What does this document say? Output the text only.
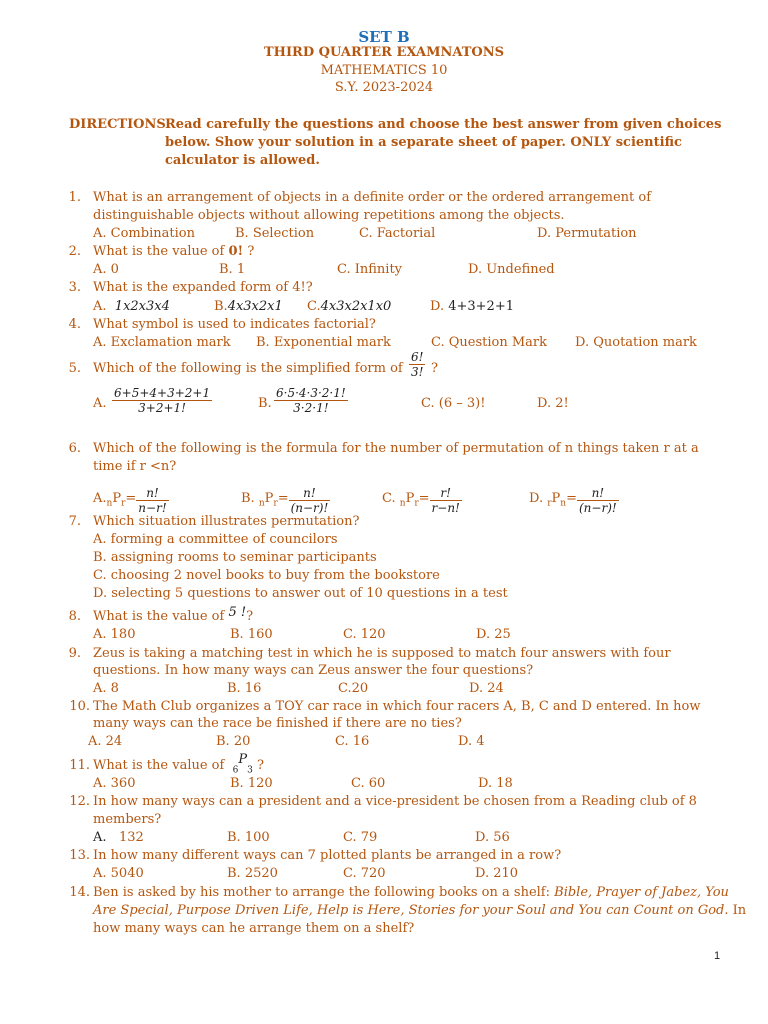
SET B
THIRD QUARTER EXAMNATONS
MATHEMATICS 10
S.Y. 2023-2024
DIRECTIONS:
Read carefully the questions and choose the best answer from given choices below. Show your solution in a separate sheet of paper. ONLY scientific calculator is allowed.
1. What is an arrangement of objects in a definite order or the ordered arrangement of
distinguishable objects without allowing repetitions among the objects.
A. Combination	B. Selection	C. Factorial	D. Permutation
2. What is the value of 0! ?
A. 0	B. 1	C. Infinity	D. Undefined
3. What is the expanded form of 4!?
A. 1x2x3x4	B.4x3x2x1 C.4x3x2x1x0	D. 4+3+2+1
4. What symbol is used to indicates factorial?
A. Exclamation mark B. Exponential mark	C. Question Mark D. Quotation mark
5. Which of the following is the simplified form of $\frac{6!}{3!}$ ?
A. $\frac{6+5+4+3+2+1}{3+2+1!}$	B. $\frac{6\cdot 5\cdot 4\cdot 3\cdot 2\cdot 1!}{3\cdot 2\cdot 1!}$	C. (6 – 3)!	D. 2!
6. Which of the following is the formula for the number of permutation of n things taken r at a
time if r <n?
$A._nP_r= \frac{n!}{n-r!}$	B. $_nP_r= \frac{n!}{(n-r)!}$	C. $_nP_r= \frac{r!}{r-n!}$	D. $_rP_n= \frac{n!}{(n-r)!}$
7. Which situation illustrates permutation?
A. forming a committee of councilors
B. assigning rooms to seminar participants
C. choosing 2 novel books to buy from the bookstore
D. selecting 5 questions to answer out of 10 questions in a test
8. What is the value of 5 !?
A. 180	B. 160	C. 120	D. 25
9. Zeus is taking a matching test in which he is supposed to match four answers with four
questions. In how many ways can Zeus answer the four questions?
A. 8	B. 16	C.20	D. 24
10. The Math Club organizes a TOY car race in which four racers A, B, C and D entered. In how
many ways can the race be finished if there are no ties?
A. 24	B. 20	C. 16	D. 4
11. What is the value of $_6P_3$ ?
A. 360	B. 120	C. 60	D. 18
12. In how many ways can a president and a vice-president be chosen from a Reading club of 8
members?
A. 132	B. 100	C. 79	D. 56
13. In how many different ways can 7 plotted plants be arranged in a row?
A. 5040	B. 2520	C. 720	D. 210
14. Ben is asked by his mother to arrange the following books on a shelf: Bible, Prayer of Jabez, You
Are Special, Purpose Driven Life, Help is Here, Stories for your Soul and You can Count on God. In
how many ways can he arrange them on a shelf?
1
